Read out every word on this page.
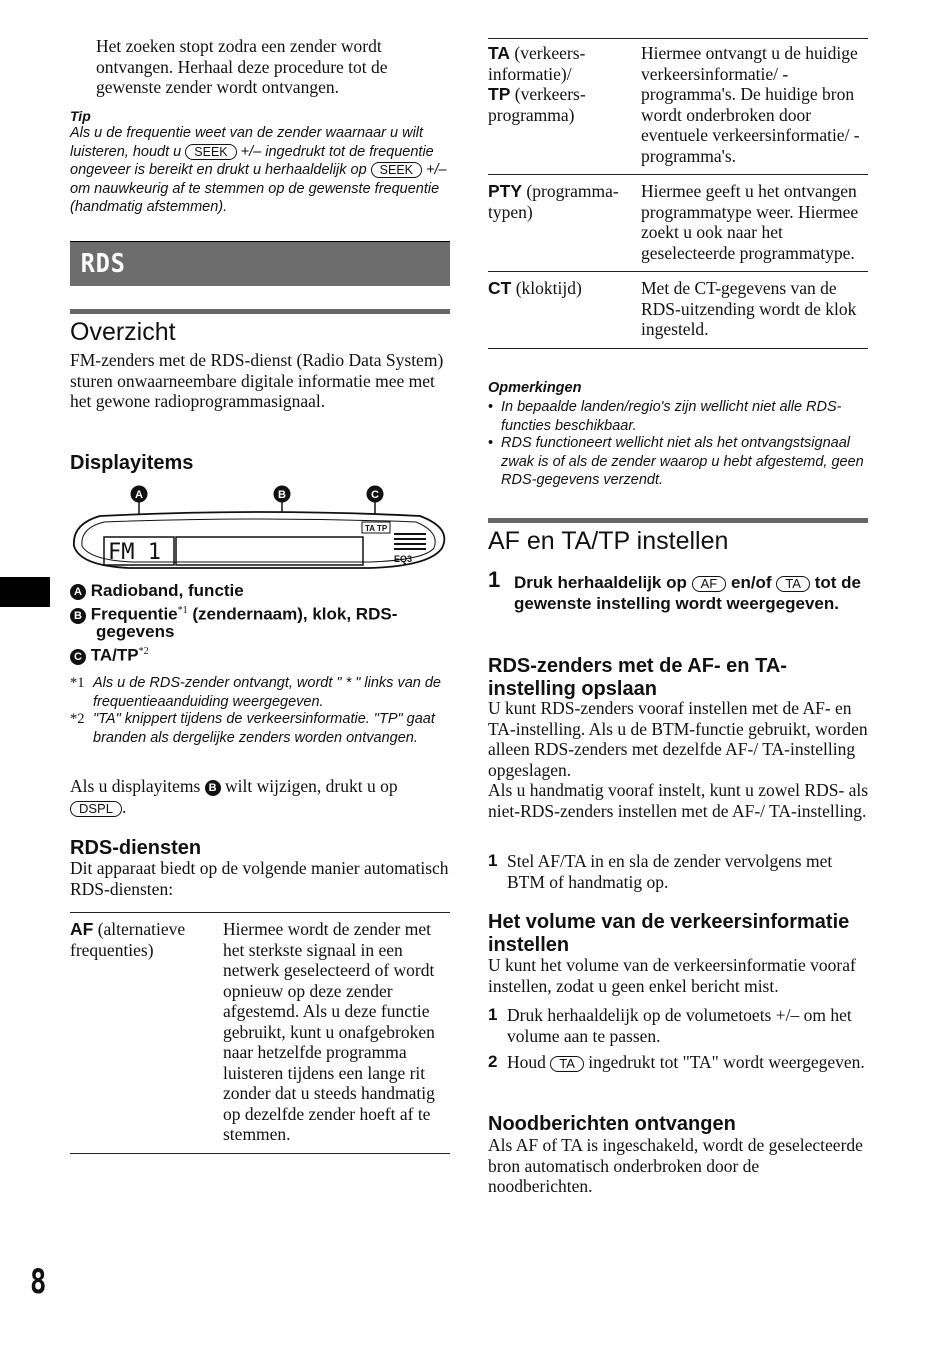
Het zoeken stopt zodra een zender wordt ontvangen. Herhaal deze procedure tot de gewenste zender wordt ontvangen.
Tip
Als u de frequentie weet van de zender waarnaar u wilt luisteren, houdt u SEEK +/– ingedrukt tot de frequentie ongeveer is bereikt en drukt u herhaaldelijk op SEEK +/– om nauwkeurig af te stemmen op de gewenste frequentie (handmatig afstemmen).
RDS
Overzicht
FM-zenders met de RDS-dienst (Radio Data System) sturen onwaarneembare digitale informatie mee met het gewone radioprogrammasignaal.
Displayitems
A	B	C
FM 1
TA TP
EQ3
A Radioband, functie
B Frequentie$^{*1}$ (zendernaam), klok, RDS-
gegevens
C TA/TP$^{*2}$
*1 Als u de RDS-zender ontvangt, wordt " * " links van de frequentieaanduiding weergegeven.
*2 "TA" knippert tijdens de verkeersinformatie. "TP" gaat branden als dergelijke zenders worden ontvangen.
Als u displayitems B wilt wijzigen, drukt u op DSPL .
RDS-diensten
Dit apparaat biedt op de volgende manier automatisch RDS-diensten:
AF (alternatieve frequenties)	Hiermee wordt de zender met het sterkste signaal in een netwerk geselecteerd of wordt opnieuw op deze zender afgestemd. Als u deze functie gebruikt, kunt u onafgebroken naar hetzelfde programma luisteren tijdens een lange rit zonder dat u steeds handmatig op dezelfde zender hoeft af te stemmen.
TA (verkeers-informatie)/
TP (verkeers-programma)	Hiermee ontvangt u de huidige verkeersinformatie/ -programma's. De huidige bron wordt onderbroken door eventuele verkeersinformatie/ -programma's.
PTY (programma-typen)	Hiermee geeft u het ontvangen programmatype weer. Hiermee zoekt u ook naar het geselecteerde programmatype.
CT (kloktijd)	Met de CT-gegevens van de RDS-uitzending wordt de klok ingesteld.
Opmerkingen
• In bepaalde landen/regio's zijn wellicht niet alle RDS-functies beschikbaar.
• RDS functioneert wellicht niet als het ontvangstsignaal zwak is of als de zender waarop u hebt afgestemd, geen RDS-gegevens verzendt.
AF en TA/TP instellen
1 Druk herhaaldelijk op AF en/of TA tot de gewenste instelling wordt weergegeven.
RDS-zenders met de AF- en TA-instelling opslaan
U kunt RDS-zenders vooraf instellen met de AF- en TA-instelling. Als u de BTM-functie gebruikt, worden alleen RDS-zenders met dezelfde AF-/ TA-instelling opgeslagen.
Als u handmatig vooraf instelt, kunt u zowel RDS- als niet-RDS-zenders instellen met de AF-/ TA-instelling.
1 Stel AF/TA in en sla de zender vervolgens met BTM of handmatig op.
Het volume van de verkeersinformatie instellen
U kunt het volume van de verkeersinformatie vooraf instellen, zodat u geen enkel bericht mist.
1 Druk herhaaldelijk op de volumetoets +/– om het volume aan te passen.
2 Houd TA ingedrukt tot "TA" wordt weergegeven.
Noodberichten ontvangen
Als AF of TA is ingeschakeld, wordt de geselecteerde bron automatisch onderbroken door de noodberichten.
8
